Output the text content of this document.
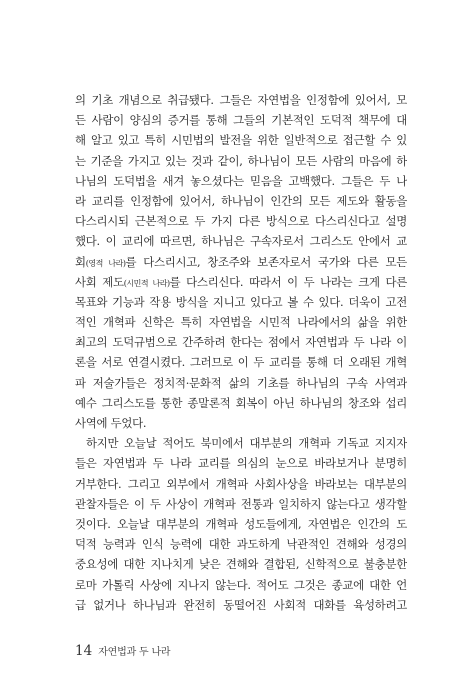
의 기초 개념으로 취급됐다. 그들은 자연법을 인정함에 있어서, 모
든 사람이 양심의 증거를 통해 그들의 기본적인 도덕적 책무에 대
해 알고 있고 특히 시민법의 발전을 위한 일반적으로 접근할 수 있
는 기준을 가지고 있는 것과 같이, 하나님이 모든 사람의 마음에 하
나님의 도덕법을 새겨 놓으셨다는 믿음을 고백했다. 그들은 두 나
라 교리를 인정함에 있어서, 하나님이 인간의 모든 제도와 활동을
다스리시되 근본적으로 두 가지 다른 방식으로 다스리신다고 설명
했다. 이 교리에 따르면, 하나님은 구속자로서 그리스도 안에서 교
회(영적 나라)를 다스리시고, 창조주와 보존자로서 국가와 다른 모든
사회 제도(시민적 나라)를 다스리신다. 따라서 이 두 나라는 크게 다른
목표와 기능과 작용 방식을 지니고 있다고 볼 수 있다. 더욱이 고전
적인 개혁파 신학은 특히 자연법을 시민적 나라에서의 삶을 위한
최고의 도덕규범으로 간주하려 한다는 점에서 자연법과 두 나라 이
론을 서로 연결시켰다. 그러므로 이 두 교리를 통해 더 오래된 개혁
파 저술가들은 정치적·문화적 삶의 기초를 하나님의 구속 사역과
예수 그리스도를 통한 종말론적 회복이 아닌 하나님의 창조와 섭리
사역에 두었다.
하지만 오늘날 적어도 북미에서 대부분의 개혁파 기독교 지지자
들은 자연법과 두 나라 교리를 의심의 눈으로 바라보거나 분명히
거부한다. 그리고 외부에서 개혁파 사회사상을 바라보는 대부분의
관찰자들은 이 두 사상이 개혁파 전통과 일치하지 않는다고 생각할
것이다. 오늘날 대부분의 개혁파 성도들에게, 자연법은 인간의 도
덕적 능력과 인식 능력에 대한 과도하게 낙관적인 견해와 성경의
중요성에 대한 지나치게 낮은 견해와 결합된, 신학적으로 불충분한
로마 가톨릭 사상에 지나지 않는다. 적어도 그것은 종교에 대한 언
급 없거나 하나님과 완전히 동떨어진 사회적 대화를 육성하려고
14 자연법과 두 나라
